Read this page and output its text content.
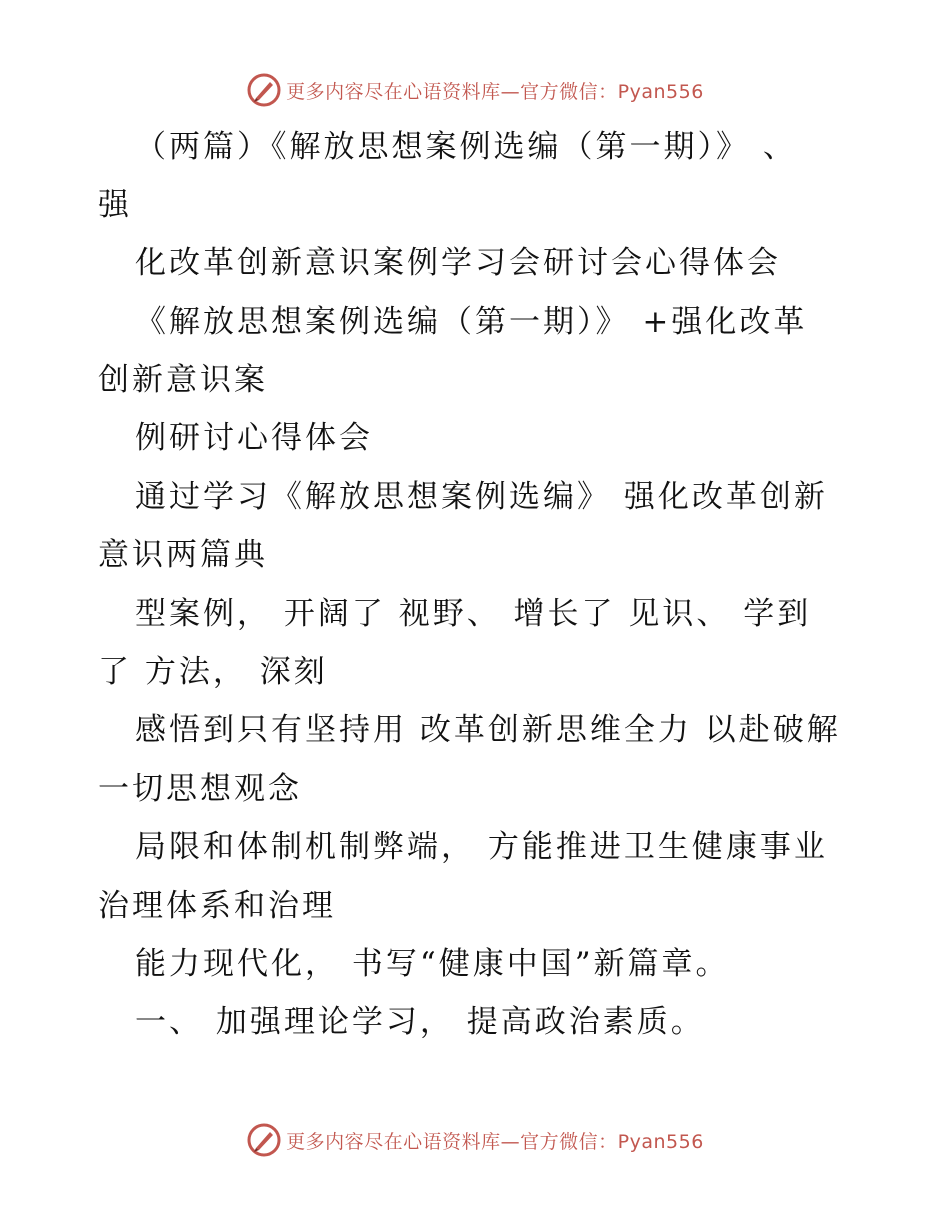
更多内容尽在心语资料库—官方微信：Pyan556
（两篇）《解放思想案例选编（第一期）》 、
强
化改革创新意识案例学习会研讨会心得体会
《解放思想案例选编（第一期）》 +强化改革
创新意识案
例研讨心得体会
通过学习《解放思想案例选编》 强化改革创新
意识两篇典
型案例， 开阔了 视野、 增长了 见识、 学到
了 方法， 深刻
感悟到只有坚持用 改革创新思维全力 以赴破解
一切思想观念
局限和体制机制弊端， 方能推进卫生健康事业
治理体系和治理
能力现代化， 书写“健康中国”新篇章。
一、 加强理论学习， 提高政治素质。
更多内容尽在心语资料库—官方微信：Pyan556
